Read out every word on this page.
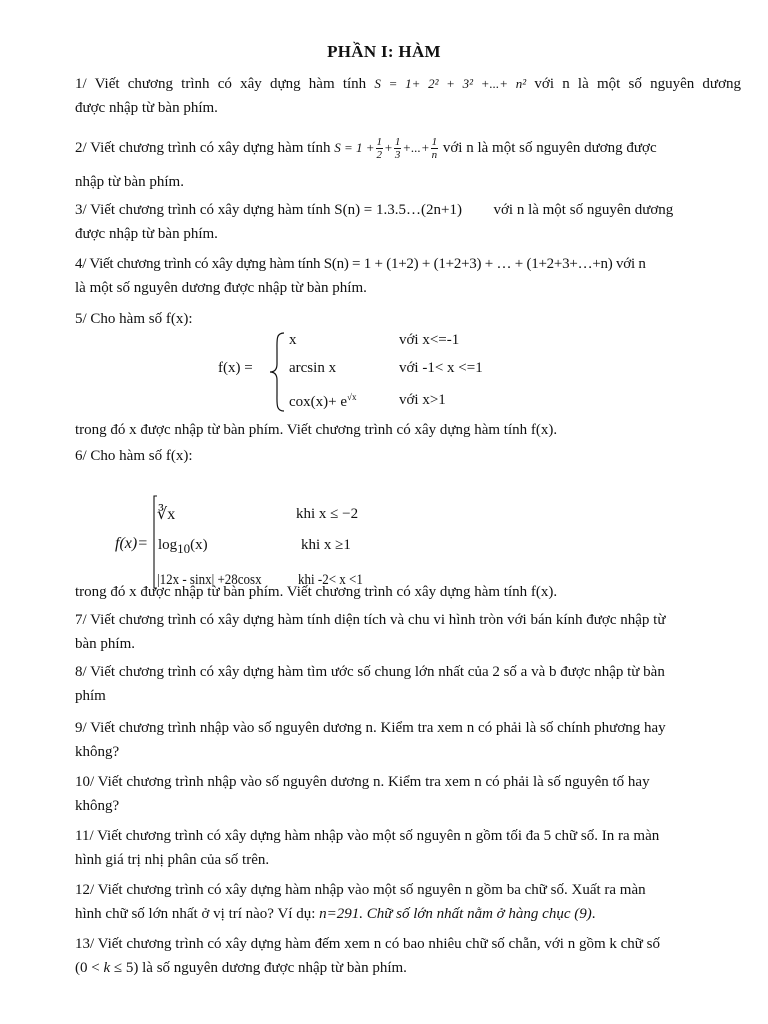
PHẦN I: HÀM
1/ Viết chương trình có xây dựng hàm tính S = 1+ 2² + 3² +...+ n² với n là một số nguyên dương
được nhập từ bàn phím.
2/ Viết chương trình có xây dựng hàm tính $S = 1 + \frac{1}{2} + \frac{1}{3}$ +...+ $\frac{1}{n}$ với n là một số nguyên dương được
nhập từ bàn phím.
3/ Viết chương trình có xây dựng hàm tính S(n) = 1.3.5…(2n+1) với n là một số nguyên dương
được nhập từ bàn phím.
4/ Viết chương trình có xây dựng hàm tính S(n) = 1 + (1+2) + (1+2+3) + … + (1+2+3+…+n) với n
là một số nguyên dương được nhập từ bàn phím.
5/ Cho hàm số f(x):
f(x) =
x	với x<=-1
arcsin x	với -1< x <=1
$cox(x)+ e^{√x}$	với x>1
trong đó x được nhập từ bàn phím. Viết chương trình có xây dựng hàm tính f(x).
6/ Cho hàm số f(x):
f(x)=
∛x	khi x ≤ −2
$\log_{10}(x)$	khi x ≥1
|12x - sinx| +28cosx	khi -2< x <1
trong đó x được nhập từ bàn phím. Viết chương trình có xây dựng hàm tính f(x).
7/ Viết chương trình có xây dựng hàm tính diện tích và chu vi hình tròn với bán kính được nhập từ
bàn phím.
8/ Viết chương trình có xây dựng hàm tìm ước số chung lớn nhất của 2 số a và b được nhập từ bàn
phím
9/ Viết chương trình nhập vào số nguyên dương n. Kiểm tra xem n có phải là số chính phương hay
không?
10/ Viết chương trình nhập vào số nguyên dương n. Kiểm tra xem n có phải là số nguyên tố hay
không?
11/ Viết chương trình có xây dựng hàm nhập vào một số nguyên n gồm tối đa 5 chữ số. In ra màn
hình giá trị nhị phân của số trên.
12/ Viết chương trình có xây dựng hàm nhập vào một số nguyên n gồm ba chữ số. Xuất ra màn
hình chữ số lớn nhất ở vị trí nào? Ví dụ: n=291. Chữ số lớn nhất nằm ở hàng chục (9).
13/ Viết chương trình có xây dựng hàm đếm xem n có bao nhiêu chữ số chẵn, với n gồm k chữ số
(0 < k ≤ 5) là số nguyên dương được nhập từ bàn phím.
